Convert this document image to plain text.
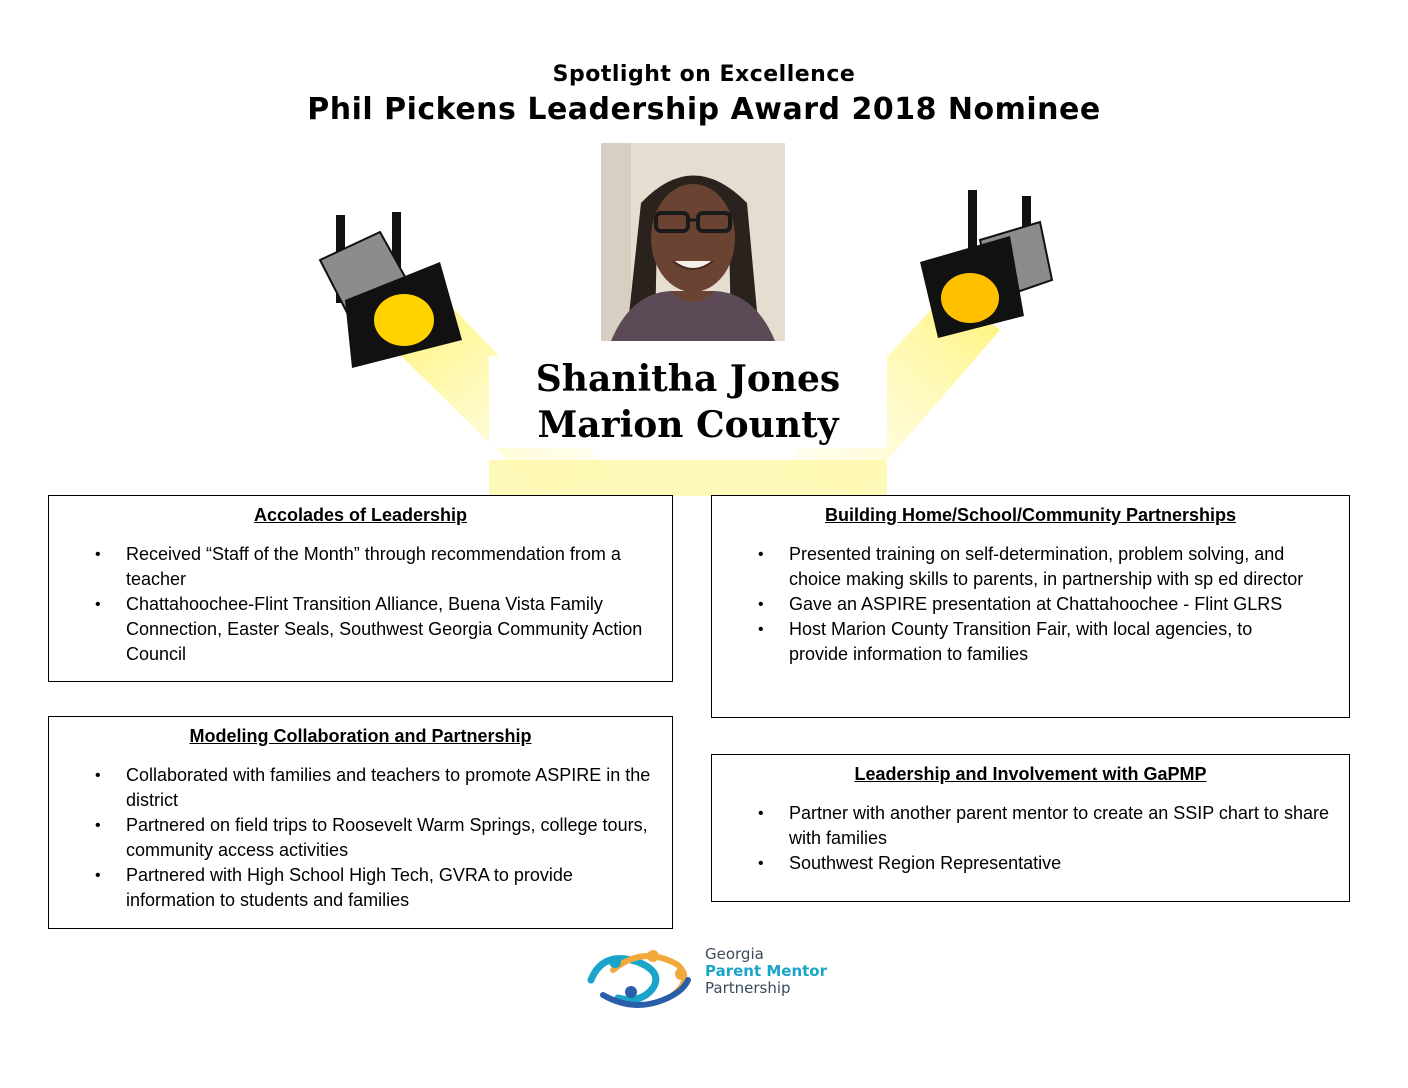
Spotlight on Excellence
Phil Pickens Leadership Award 2018 Nominee
Shanitha Jones
Marion County
Accolades of Leadership
• Received “Staff of the Month” through recommendation from a teacher
• Chattahoochee-Flint Transition Alliance, Buena Vista Family Connection, Easter Seals, Southwest Georgia Community Action Council
Building Home/School/Community Partnerships
• Presented training on self-determination, problem solving, and choice making skills to parents, in partnership with sp ed director
• Gave an ASPIRE presentation at Chattahoochee - Flint GLRS
• Host Marion County Transition Fair, with local agencies, to provide information to families
Modeling Collaboration and Partnership
• Collaborated with families and teachers to promote ASPIRE in the district
• Partnered on field trips to Roosevelt Warm Springs, college tours, community access activities
• Partnered with High School High Tech, GVRA to provide information to students and families
Leadership and Involvement with GaPMP
• Partner with another parent mentor to create an SSIP chart to share with families
• Southwest Region Representative
Georgia
Parent Mentor
Partnership
